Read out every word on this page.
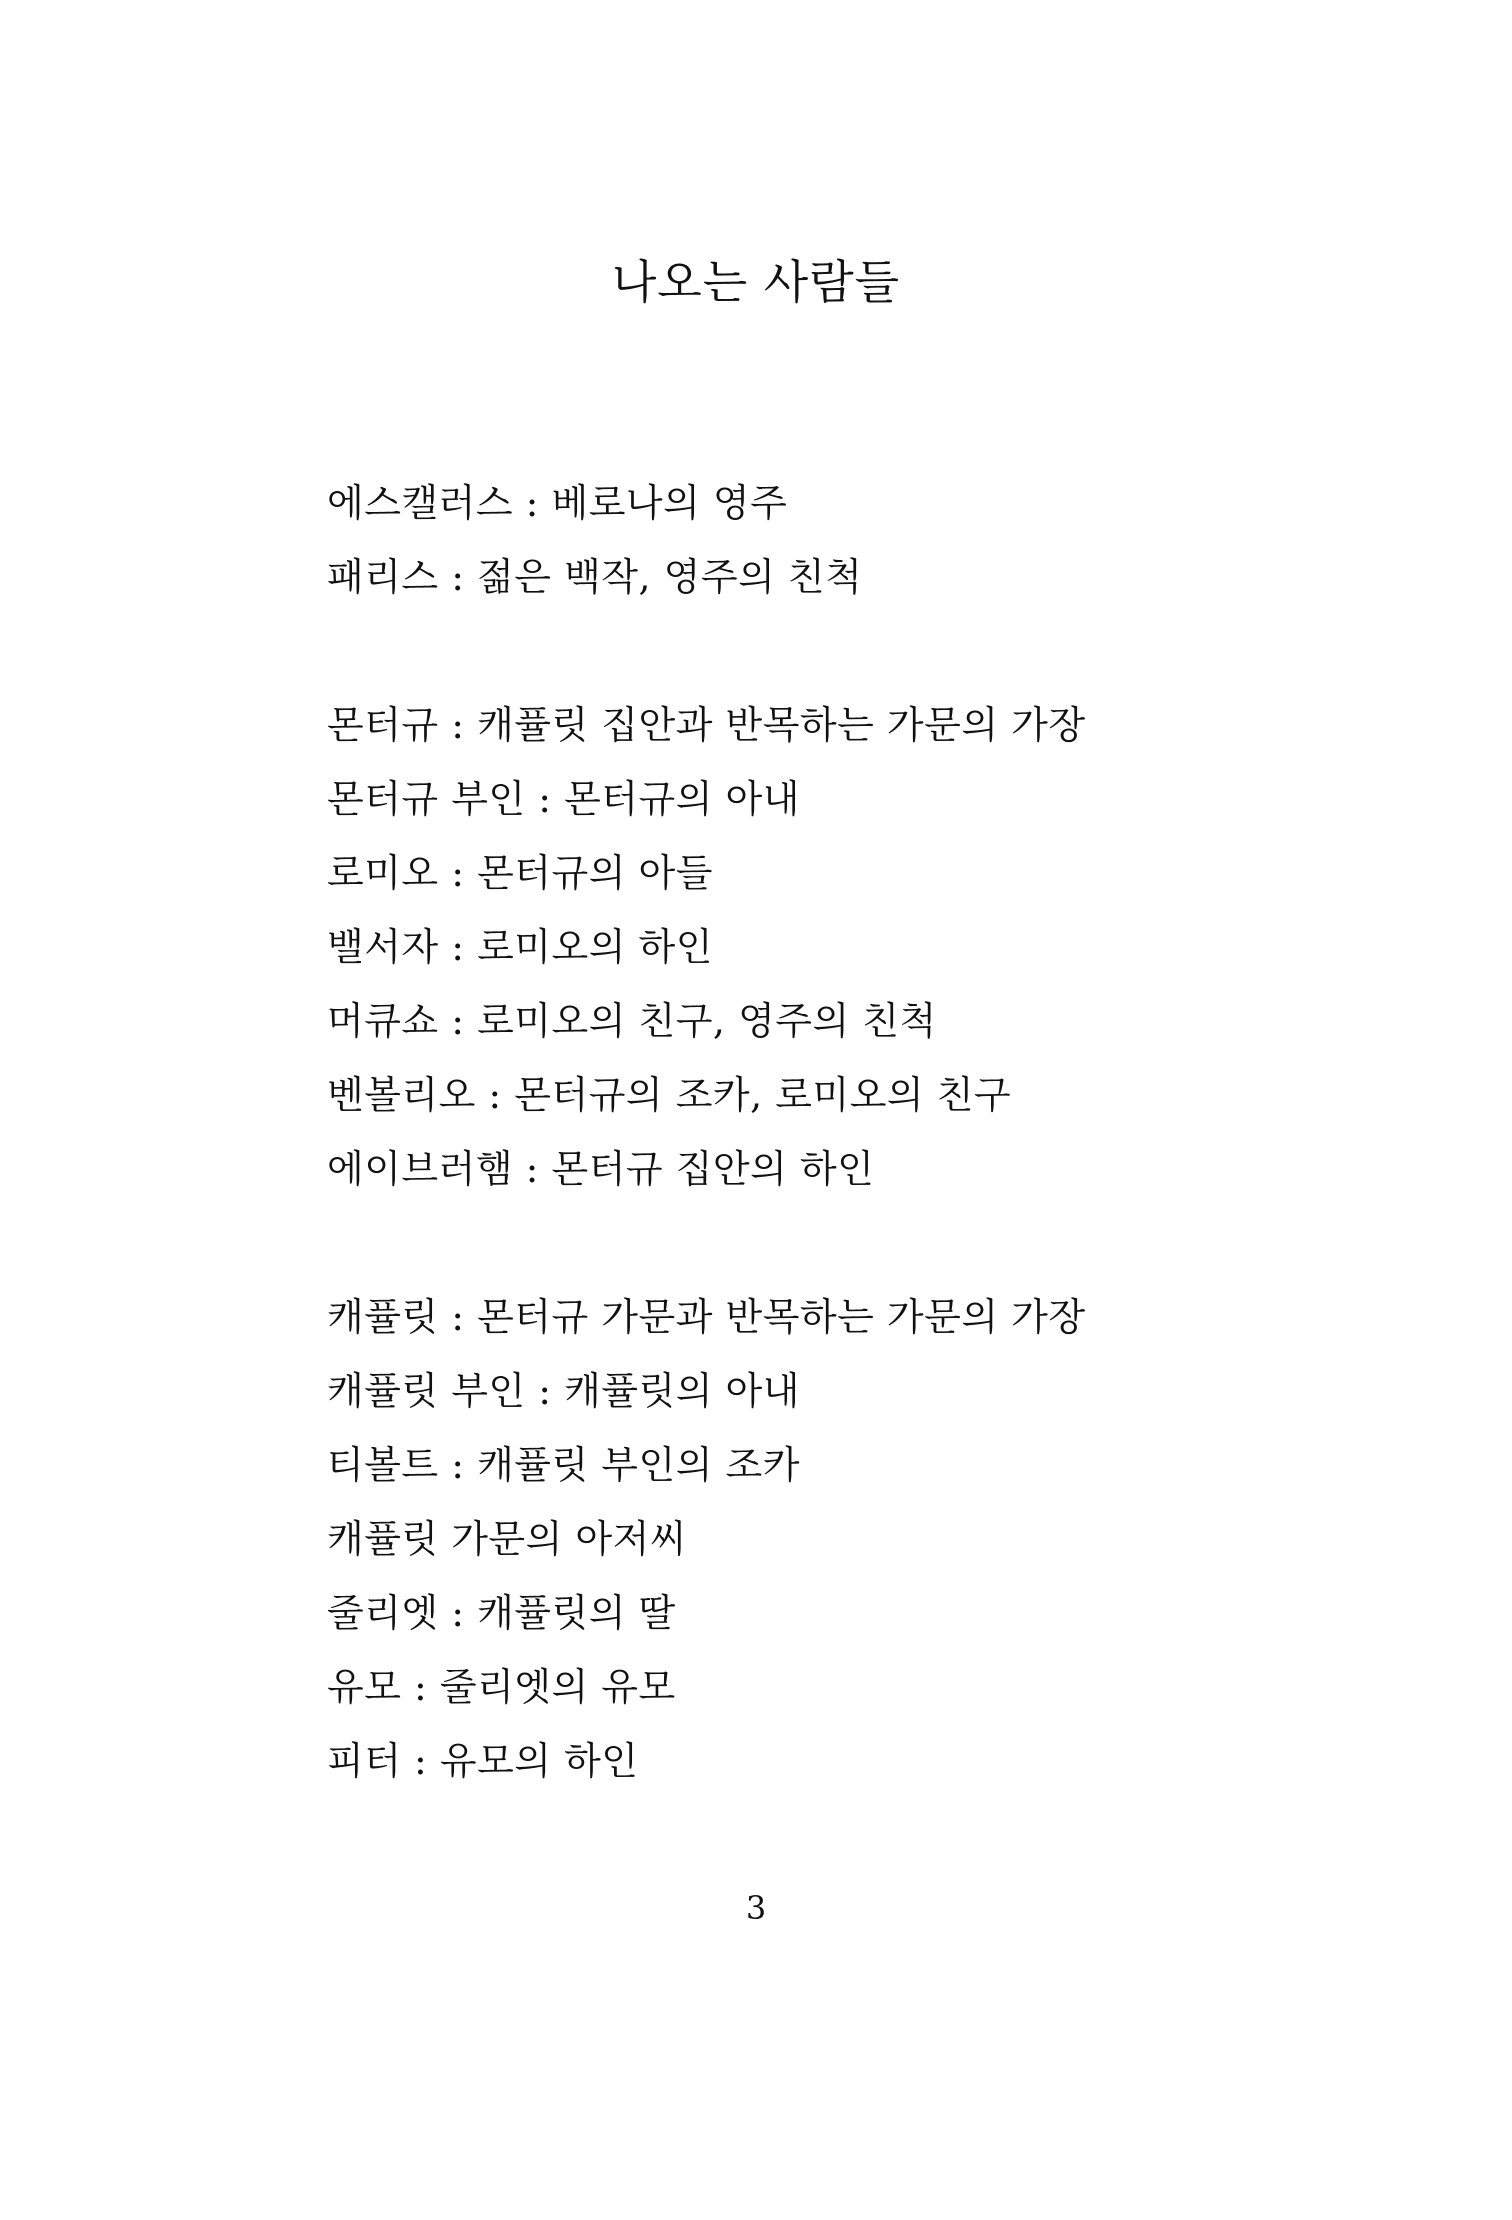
나오는 사람들
에스캘러스 : 베로나의 영주
패리스 : 젊은 백작, 영주의 친척
몬터규 : 캐퓰릿 집안과 반목하는 가문의 가장
몬터규 부인 : 몬터규의 아내
로미오 : 몬터규의 아들
밸서자 : 로미오의 하인
머큐쇼 : 로미오의 친구, 영주의 친척
벤볼리오 : 몬터규의 조카, 로미오의 친구
에이브러햄 : 몬터규 집안의 하인
캐퓰릿 : 몬터규 가문과 반목하는 가문의 가장
캐퓰릿 부인 : 캐퓰릿의 아내
티볼트 : 캐퓰릿 부인의 조카
캐퓰릿 가문의 아저씨
줄리엣 : 캐퓰릿의 딸
유모 : 줄리엣의 유모
피터 : 유모의 하인
3
